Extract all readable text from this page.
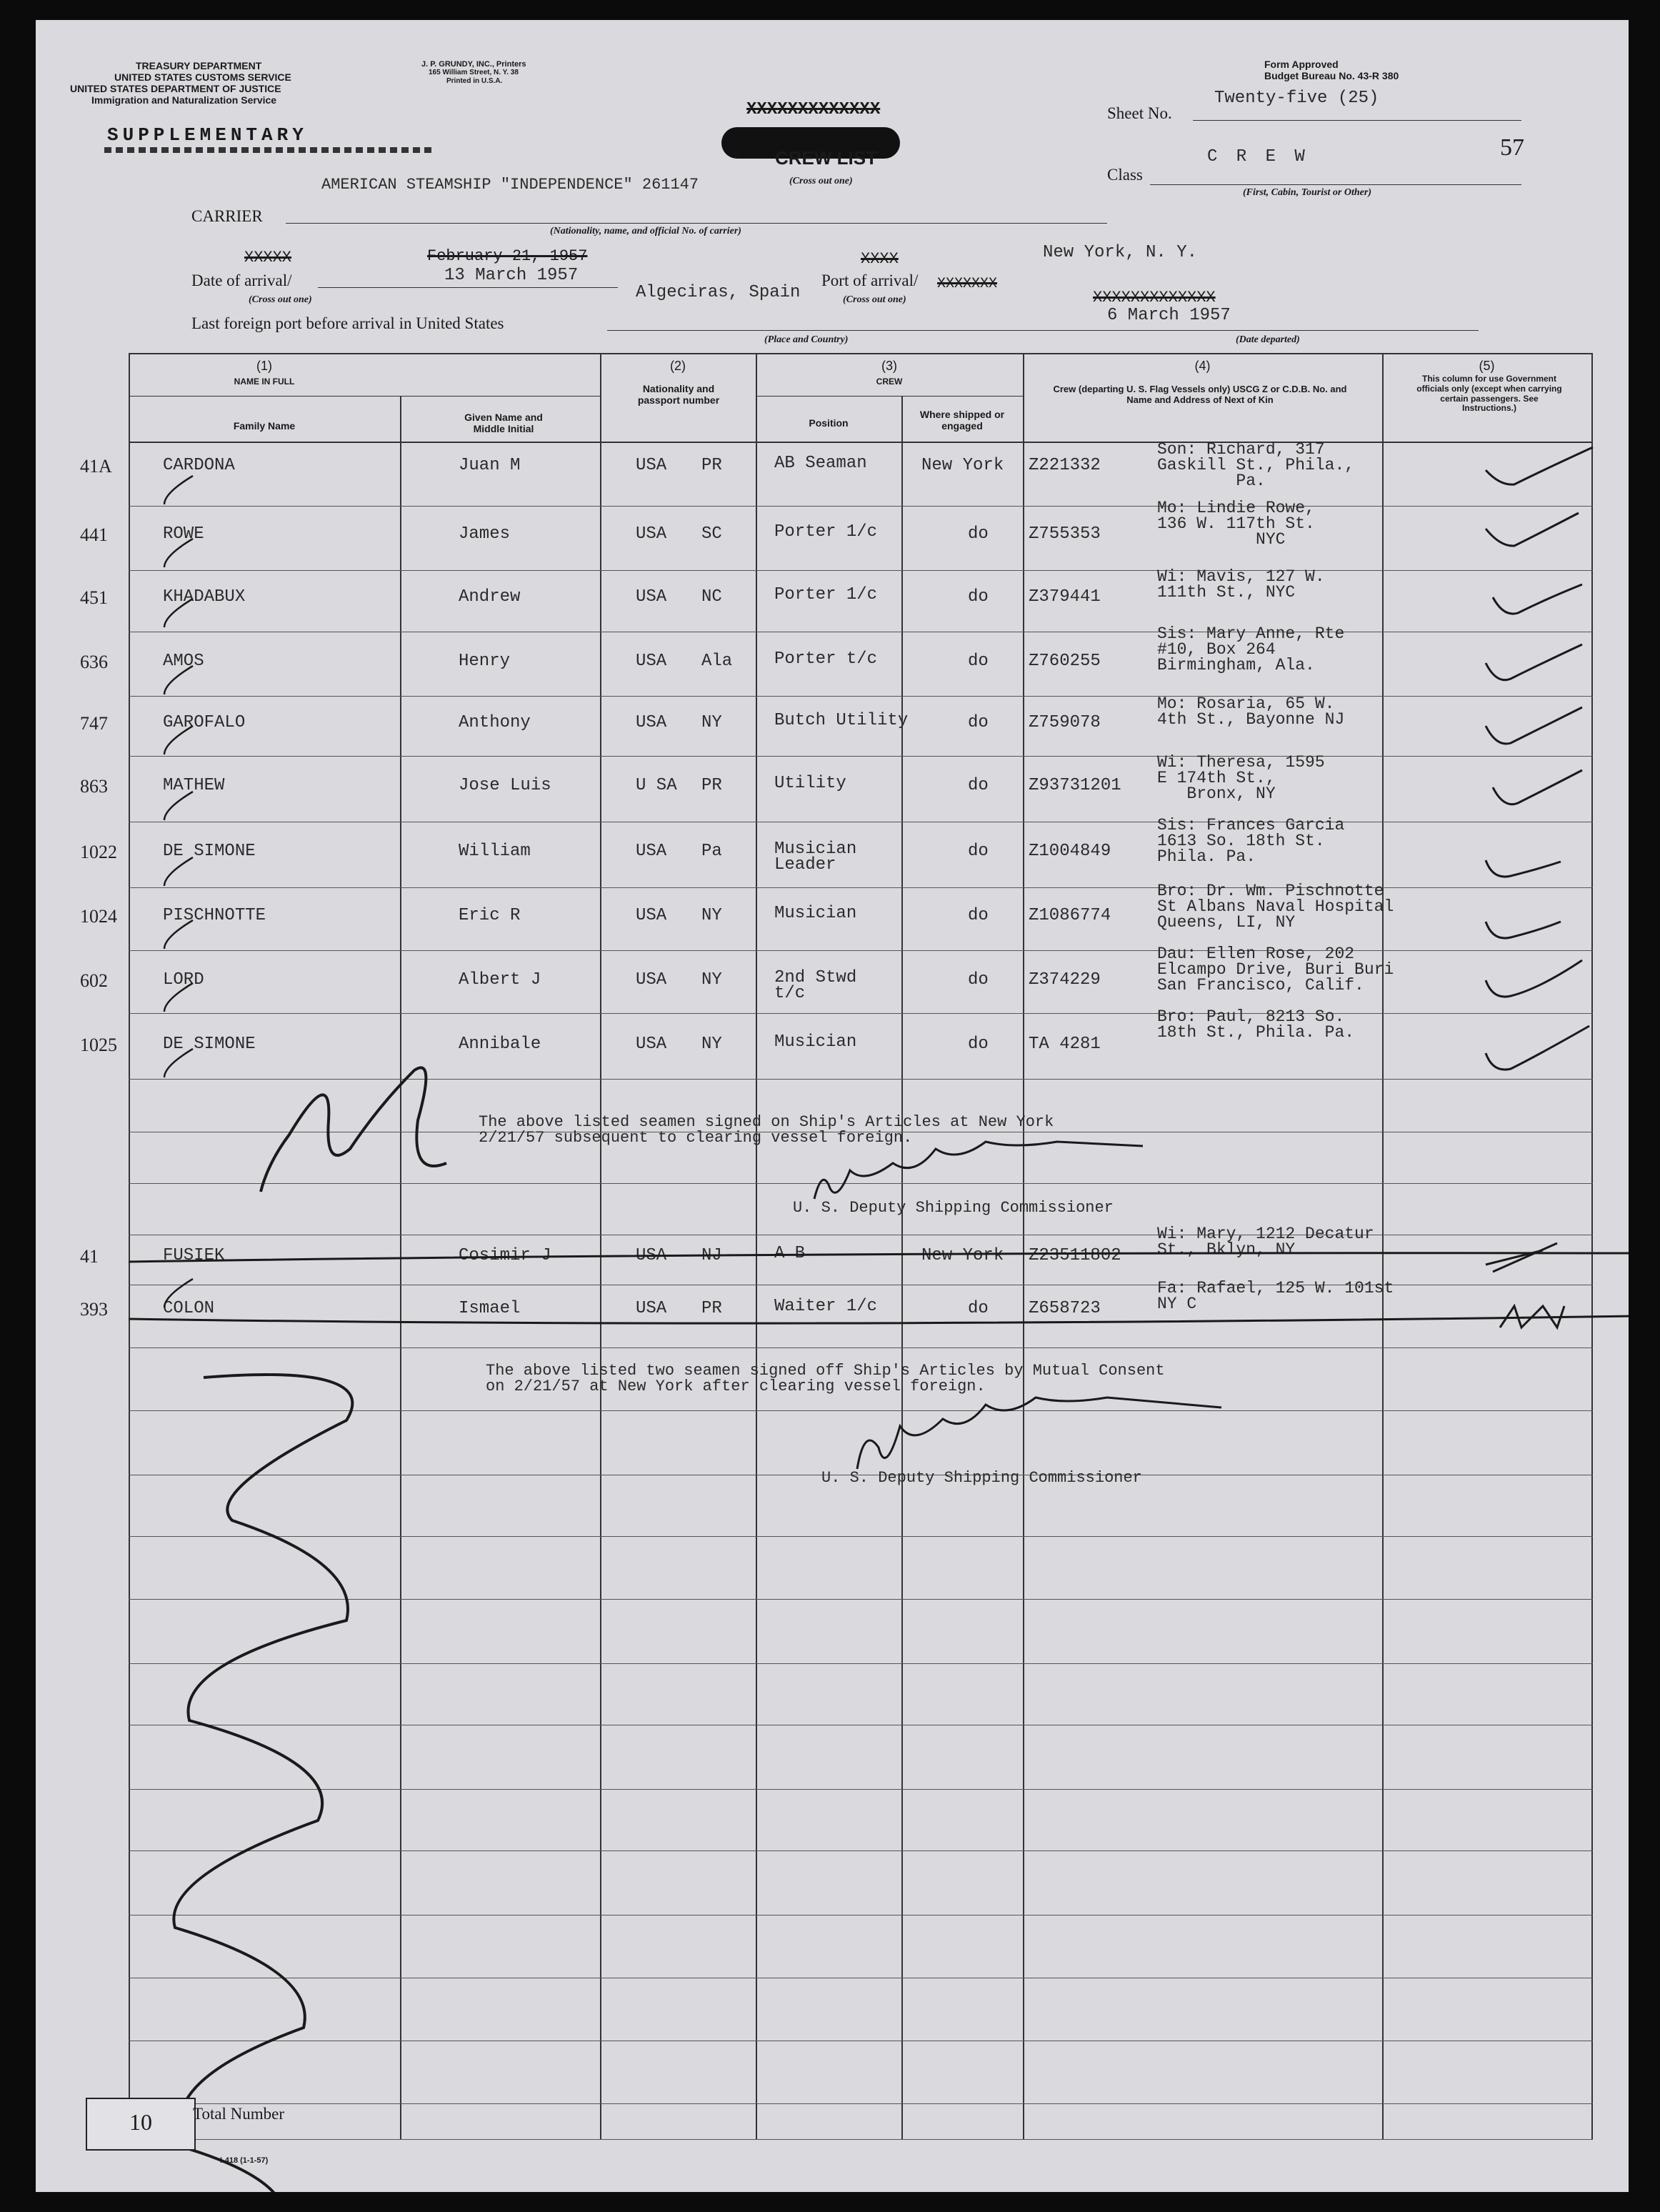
TREASURY DEPARTMENT
UNITED STATES CUSTOMS SERVICE
UNITED STATES DEPARTMENT OF JUSTICE
Immigration and Naturalization Service
SUPPLEMENTARY
J. P. GRUNDY, INC., Printers
165 William Street, N. Y. 38
Printed in U.S.A.
XXXXXXXXXXXXX
CREW LIST
(Cross out one)
Form Approved
Budget Bureau No. 43-R 380
Sheet No.
Twenty-five (25)
57
Class
C R E W
(First, Cabin, Tourist or Other)
AMERICAN STEAMSHIP "INDEPENDENCE" 261147
CARRIER
(Nationality, name, and official No. of carrier)
XXXXX	February 21, 1957
Date of arrival/
(Cross out one)
13 March 1957
XXXX
Port of arrival/
(Cross out one)
XXXXXXX
New York, N. Y.
Last foreign port before arrival in United States
Algeciras, Spain	XXXXXXXXXXXXX
6 March 1957
(Place and Country)	(Date departed)
(1)
NAME IN FULL
Family Name
Given Name and Middle Initial
(2)
Nationality and passport number
(3)
CREW
Position
Where shipped or engaged
(4)
Crew (departing U. S. Flag Vessels only) USCG Z or C.D.B. No. and Name and Address of Next of Kin
(5)
This column for use Government officials only (except when carrying certain passengers. See Instructions.)
41A	CARDONA	Juan M	USA PR	AB Seaman	New York Z221332
Son: Richard, 317
Gaskill St., Phila.,
Pa.
441	ROWE	James	USA SC	Porter 1/c	do Z755353
Mo: Lindie Rowe,
136 W. 117th St.
NYC
451	KHADABUX	Andrew	USA NC	Porter 1/c	do Z379441
Wi: Mavis, 127 W.
111th St., NYC
636	AMOS	Henry	USA Ala Porter t/c	do Z760255
Sis: Mary Anne, Rte
#10, Box 264
Birmingham, Ala.
747	GAROFALO	Anthony	USA NY	Butch Utility	do Z759078
Mo: Rosaria, 65 W.
4th St., Bayonne NJ
863	MATHEW	Jose Luis	U SA PR	Utility	do Z93731201
Wi: Theresa, 1595
E 174th St.,
Bronx, NY
1022	DE SIMONE	William	USA Pa	Musician
Leader
do Z1004849
Sis: Frances Garcia
1613 So. 18th St.
Phila. Pa.
1024	PISCHNOTTE	Eric R	USA NY	Musician	do Z1086774
Bro: Dr. Wm. Pischnotte
St Albans Naval Hospital
Queens, LI, NY
602	LORD	Albert J	USA NY	2nd Stwd
t/c
do Z374229
Dau: Ellen Rose, 202
Elcampo Drive, Buri Buri
San Francisco, Calif.
1025	DE SIMONE	Annibale	USA NY	Musician	do TA 4281
Bro: Paul, 8213 So.
18th St., Phila. Pa.
The above listed seamen signed on Ship's Articles at New York
2/21/57 subsequent to clearing vessel foreign.
U. S. Deputy Shipping Commissioner
41	FUSIEK	Cosimir J	USA NJ	A B	New York Z23511802
Wi: Mary, 1212 Decatur
St., Bklyn, NY
393	COLON	Ismael	USA PR	Waiter 1/c	do Z658723
Fa: Rafael, 125 W. 101st
NY C
The above listed two seamen signed off Ship's Articles by Mutual Consent
on 2/21/57 at New York after clearing vessel foreign.
U. S. Deputy Shipping Commissioner
10	Total Number
I-418 (1-1-57)
